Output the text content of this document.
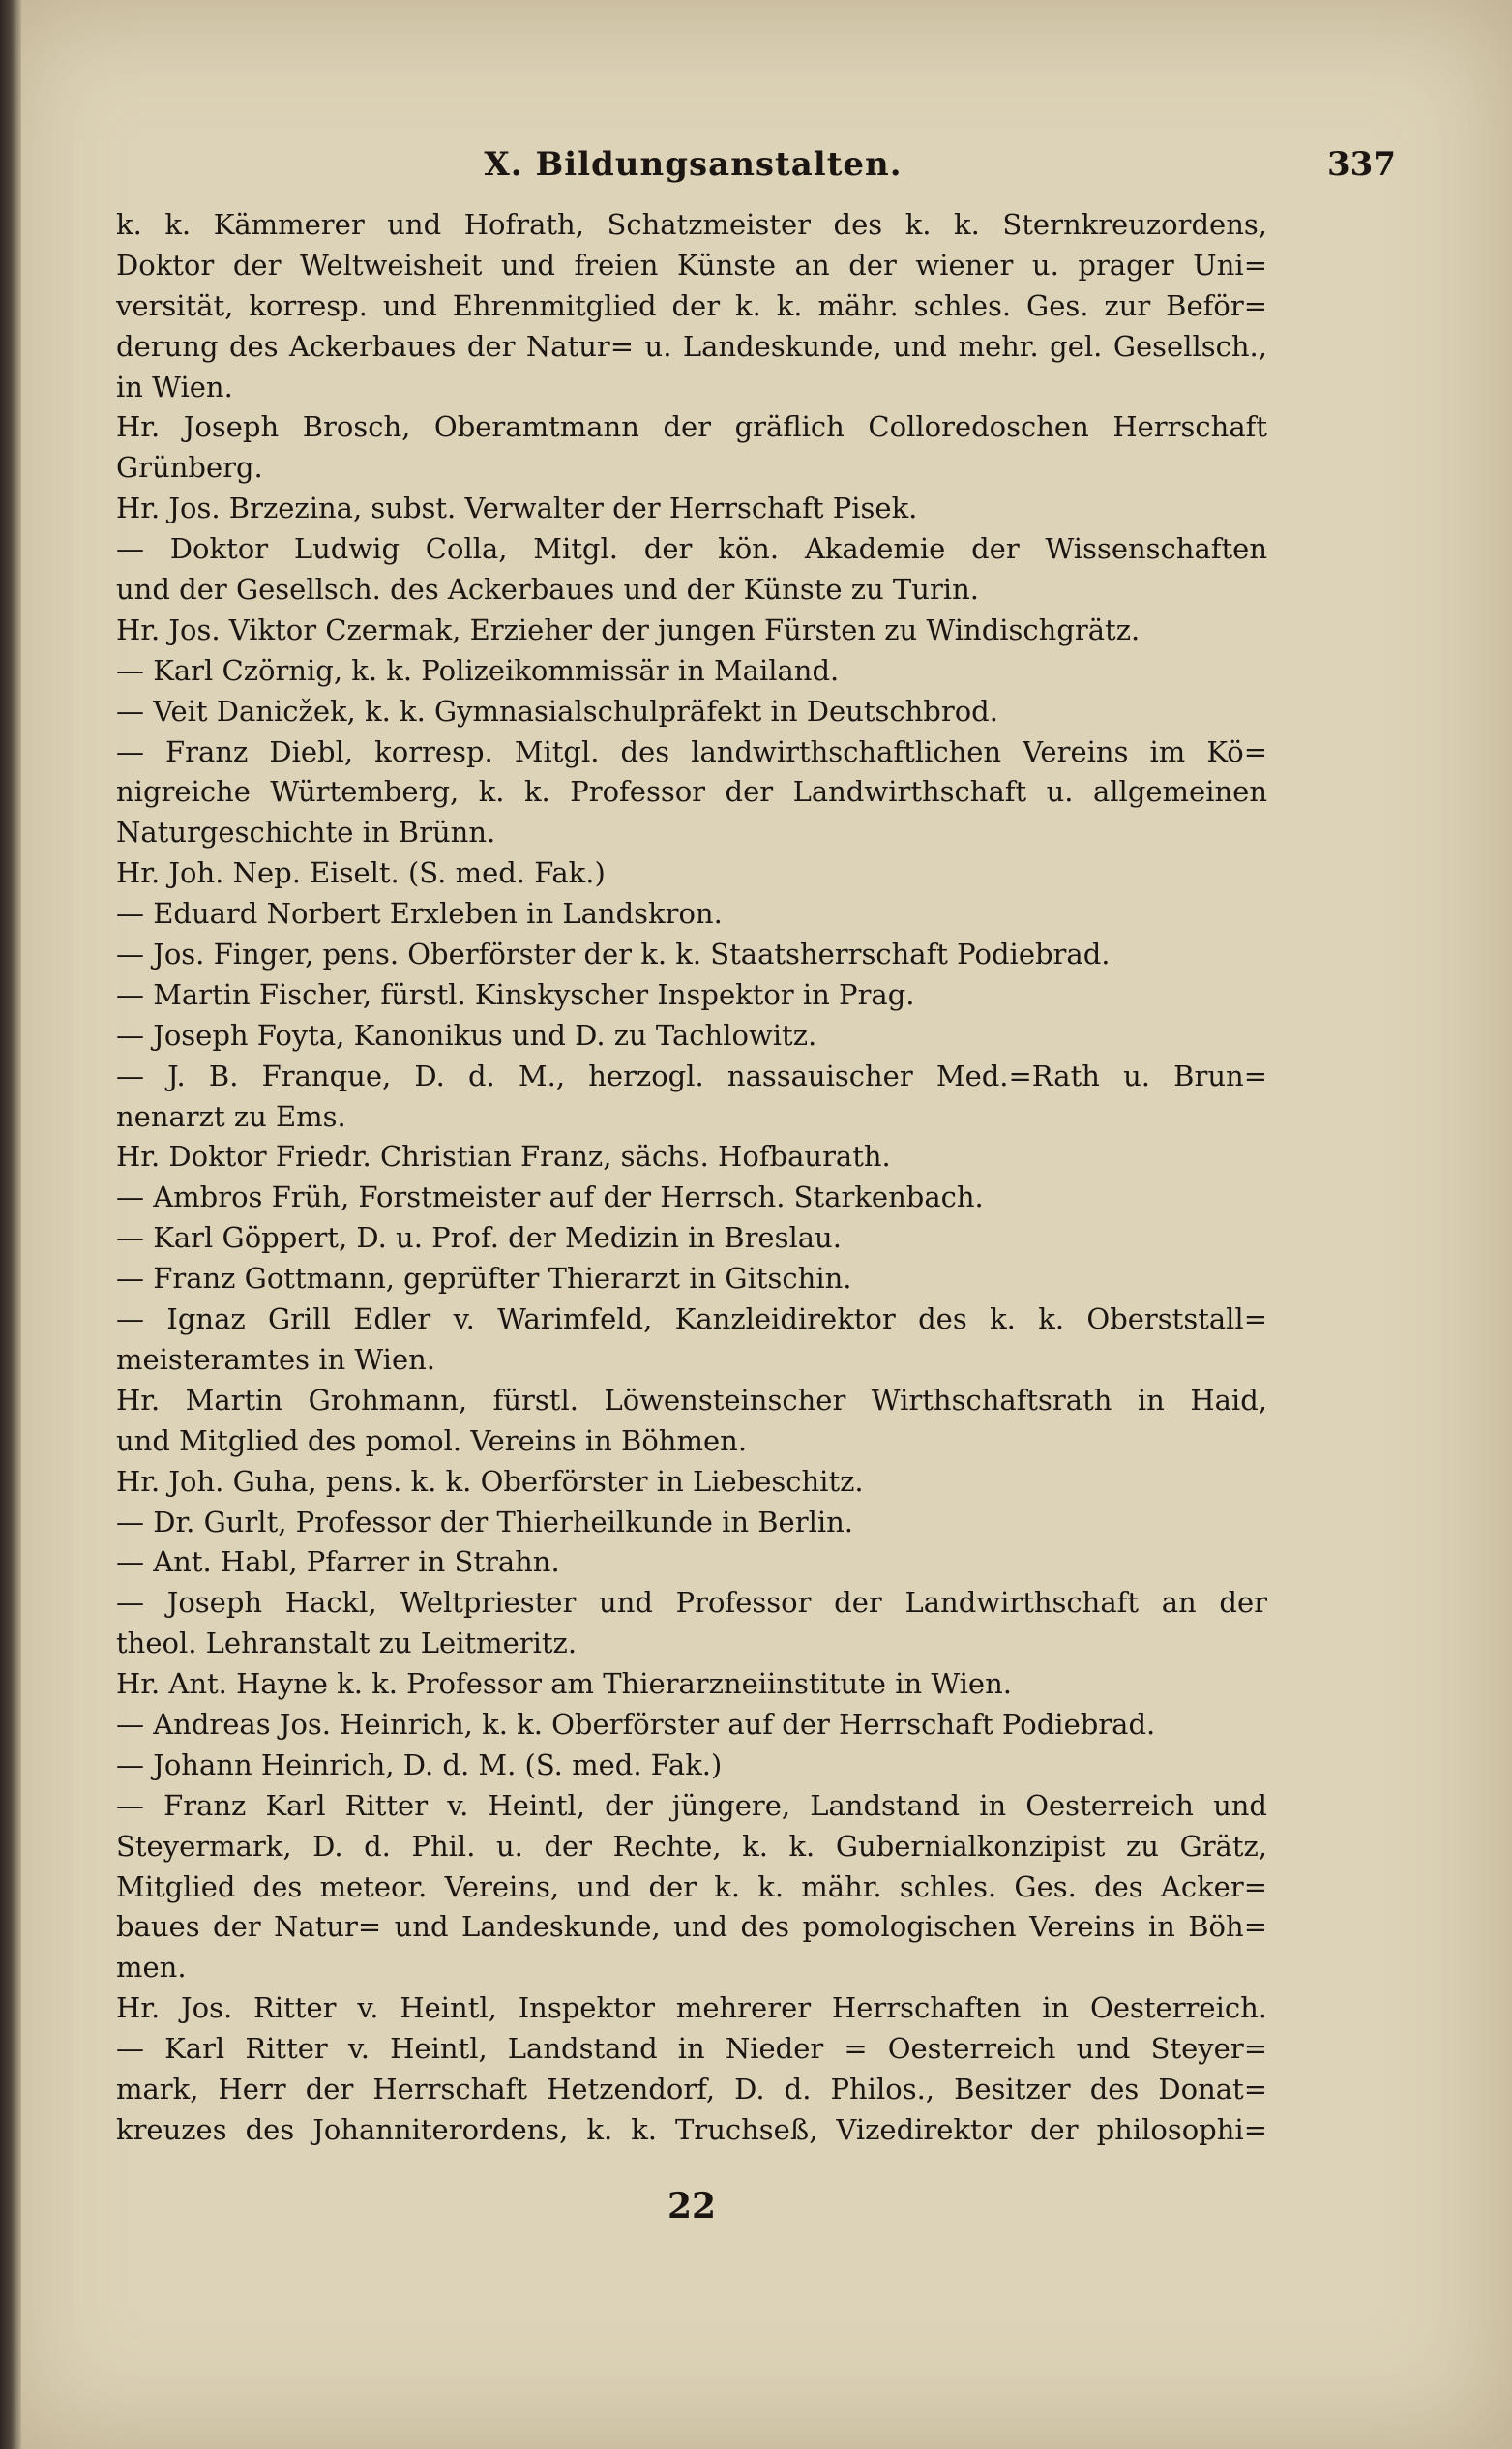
X. Bildungsanstalten.	337
k. k. Kämmerer und Hofrath, Schatzmeister des k. k. Sternkreuzordens,
Doktor der Weltweisheit und freien Künste an der wiener u. prager Uni=
versität, korresp. und Ehrenmitglied der k. k. mähr. schles. Ges. zur Beför=
derung des Ackerbaues der Natur= u. Landeskunde, und mehr. gel. Gesellsch.,
in Wien.
Hr. Joseph Brosch, Oberamtmann der gräflich Colloredoschen Herrschaft
Grünberg.
Hr. Jos. Brzezina, subst. Verwalter der Herrschaft Pisek.
— Doktor Ludwig Colla, Mitgl. der kön. Akademie der Wissenschaften
und der Gesellsch. des Ackerbaues und der Künste zu Turin.
Hr. Jos. Viktor Czermak, Erzieher der jungen Fürsten zu Windischgrätz.
— Karl Czörnig, k. k. Polizeikommissär in Mailand.
— Veit Danicžek, k. k. Gymnasialschulpräfekt in Deutschbrod.
— Franz Diebl, korresp. Mitgl. des landwirthschaftlichen Vereins im Kö=
nigreiche Würtemberg, k. k. Professor der Landwirthschaft u. allgemeinen
Naturgeschichte in Brünn.
Hr. Joh. Nep. Eiselt. (S. med. Fak.)
— Eduard Norbert Erxleben in Landskron.
— Jos. Finger, pens. Oberförster der k. k. Staatsherrschaft Podiebrad.
— Martin Fischer, fürstl. Kinskyscher Inspektor in Prag.
— Joseph Foyta, Kanonikus und D. zu Tachlowitz.
— J. B. Franque, D. d. M., herzogl. nassauischer Med.=Rath u. Brun=
nenarzt zu Ems.
Hr. Doktor Friedr. Christian Franz, sächs. Hofbaurath.
— Ambros Früh, Forstmeister auf der Herrsch. Starkenbach.
— Karl Göppert, D. u. Prof. der Medizin in Breslau.
— Franz Gottmann, geprüfter Thierarzt in Gitschin.
— Ignaz Grill Edler v. Warimfeld, Kanzleidirektor des k. k. Oberststall=
meisteramtes in Wien.
Hr. Martin Grohmann, fürstl. Löwensteinscher Wirthschaftsrath in Haid,
und Mitglied des pomol. Vereins in Böhmen.
Hr. Joh. Guha, pens. k. k. Oberförster in Liebeschitz.
— Dr. Gurlt, Professor der Thierheilkunde in Berlin.
— Ant. Habl, Pfarrer in Strahn.
— Joseph Hackl, Weltpriester und Professor der Landwirthschaft an der
theol. Lehranstalt zu Leitmeritz.
Hr. Ant. Hayne k. k. Professor am Thierarzneiinstitute in Wien.
— Andreas Jos. Heinrich, k. k. Oberförster auf der Herrschaft Podiebrad.
— Johann Heinrich, D. d. M. (S. med. Fak.)
— Franz Karl Ritter v. Heintl, der jüngere, Landstand in Oesterreich und
Steyermark, D. d. Phil. u. der Rechte, k. k. Gubernialkonzipist zu Grätz,
Mitglied des meteor. Vereins, und der k. k. mähr. schles. Ges. des Acker=
baues der Natur= und Landeskunde, und des pomologischen Vereins in Böh=
men.
Hr. Jos. Ritter v. Heintl, Inspektor mehrerer Herrschaften in Oesterreich.
— Karl Ritter v. Heintl, Landstand in Nieder = Oesterreich und Steyer=
mark, Herr der Herrschaft Hetzendorf, D. d. Philos., Besitzer des Donat=
kreuzes des Johanniterordens, k. k. Truchseß, Vizedirektor der philosophi=
22
